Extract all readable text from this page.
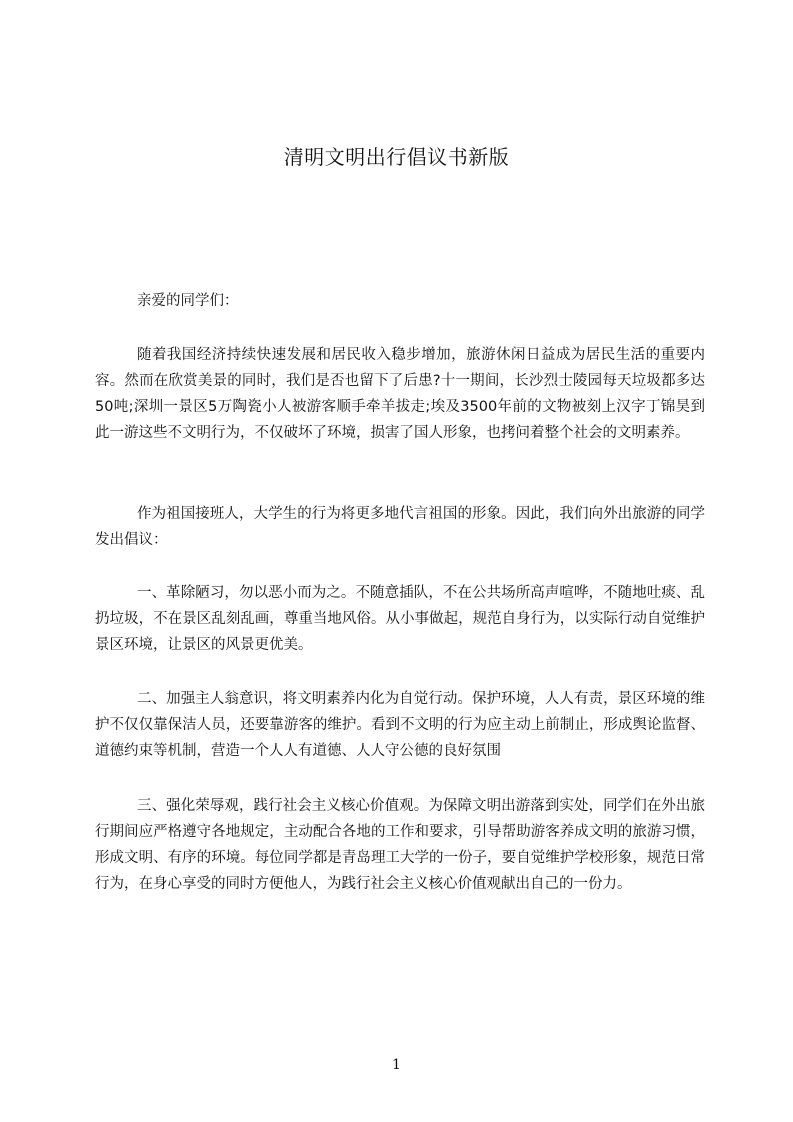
清明文明出行倡议书新版
亲爱的同学们：

随着我国经济持续快速发展和居民收入稳步增加，旅游休闲日益成为居民生活的重要内容。然而在欣赏美景的同时，我们是否也留下了后患?十一期间，长沙烈士陵园每天垃圾都多达50吨;深圳一景区5万陶瓷小人被游客顺手牵羊拔走;埃及3500年前的文物被刻上汉字丁锦昊到此一游这些不文明行为，不仅破坏了环境，损害了国人形象，也拷问着整个社会的文明素养。

作为祖国接班人，大学生的行为将更多地代言祖国的形象。因此，我们向外出旅游的同学发出倡议：

一、革除陋习，勿以恶小而为之。不随意插队，不在公共场所高声喧哗，不随地吐痰、乱扔垃圾，不在景区乱刻乱画，尊重当地风俗。从小事做起，规范自身行为，以实际行动自觉维护景区环境，让景区的风景更优美。

二、加强主人翁意识，将文明素养内化为自觉行动。保护环境，人人有责，景区环境的维护不仅仅靠保洁人员，还要靠游客的维护。看到不文明的行为应主动上前制止，形成舆论监督、道德约束等机制，营造一个人人有道德、人人守公德的良好氛围

三、强化荣辱观，践行社会主义核心价值观。为保障文明出游落到实处，同学们在外出旅行期间应严格遵守各地规定，主动配合各地的工作和要求，引导帮助游客养成文明的旅游习惯，形成文明、有序的环境。每位同学都是青岛理工大学的一份子，要自觉维护学校形象，规范日常行为，在身心享受的同时方便他人，为践行社会主义核心价值观献出自己的一份力。

1
